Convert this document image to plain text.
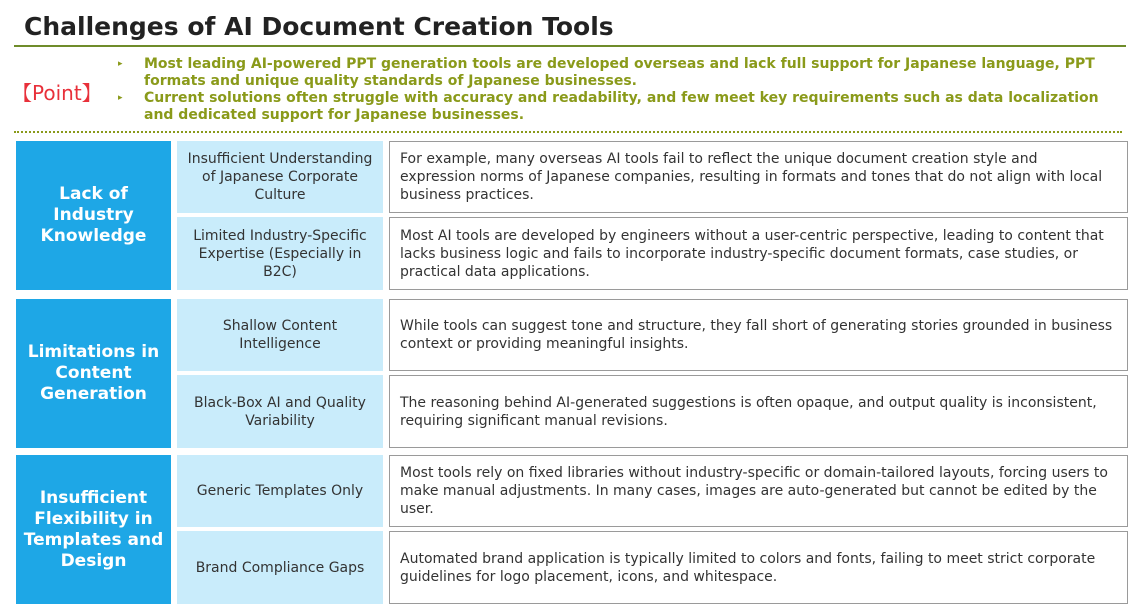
Challenges of AI Document Creation Tools
【Point】
▸ Most leading AI-powered PPT generation tools are developed overseas and lack full support for Japanese language, PPT formats and unique quality standards of Japanese businesses.
▸ Current solutions often struggle with accuracy and readability, and few meet key requirements such as data localization and dedicated support for Japanese businesses.
Lack of Industry Knowledge
Insufficient Understanding of Japanese Corporate Culture
For example, many overseas AI tools fail to reflect the unique document creation style and expression norms of Japanese companies, resulting in formats and tones that do not align with local business practices.
Limited Industry-Specific Expertise (Especially in B2C)
Most AI tools are developed by engineers without a user-centric perspective, leading to content that lacks business logic and fails to incorporate industry-specific document formats, case studies, or practical data applications.
Limitations in Content Generation
Shallow Content Intelligence
While tools can suggest tone and structure, they fall short of generating stories grounded in business context or providing meaningful insights.
Black-Box AI and Quality Variability
The reasoning behind AI-generated suggestions is often opaque, and output quality is inconsistent, requiring significant manual revisions.
Insufficient Flexibility in Templates and Design
Generic Templates Only
Most tools rely on fixed libraries without industry-specific or domain-tailored layouts, forcing users to make manual adjustments. In many cases, images are auto-generated but cannot be edited by the user.
Brand Compliance Gaps
Automated brand application is typically limited to colors and fonts, failing to meet strict corporate guidelines for logo placement, icons, and whitespace.
